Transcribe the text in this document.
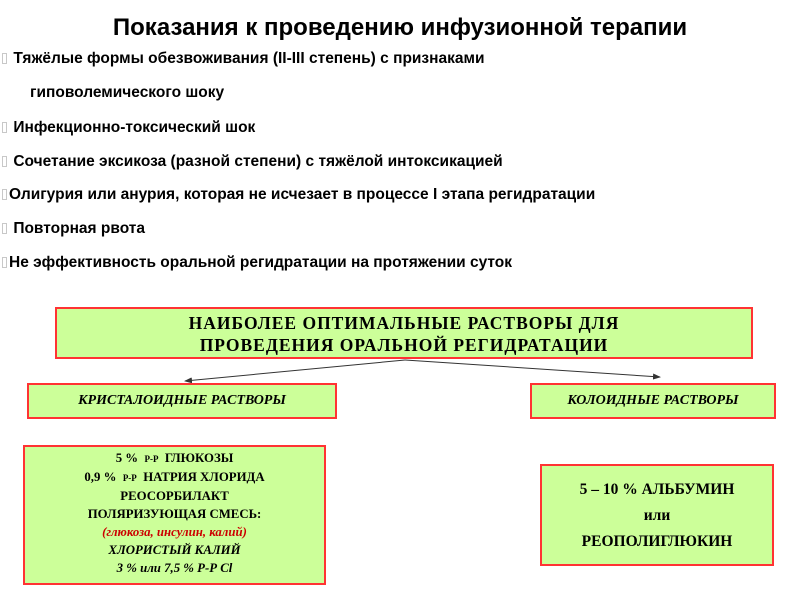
Показания к проведению инфузионной терапии
Тяжёлые формы обезвоживания (II-III степень) с признаками
гиповолемического шоку
Инфекционно-токсический шок
Сочетание эксикоза (разной степени) с тяжёлой интоксикацией
Олигурия или анурия, которая не исчезает в процессе I этапа регидратации
Повторная рвота
Не эффективность оральной регидратации на протяжении суток
НАИБОЛЕЕ ОПТИМАЛЬНЫЕ РАСТВОРЫ ДЛЯ
ПРОВЕДЕНИЯ ОРАЛЬНОЙ РЕГИДРАТАЦИИ
КРИСТАЛОИДНЫЕ РАСТВОРЫ	КОЛОИДНЫЕ РАСТВОРЫ
5 % Р-Р ГЛЮКОЗЫ
0,9 % Р-Р НАТРИЯ ХЛОРИДА
РЕОСОРБИЛАКТ
ПОЛЯРИЗУЮЩАЯ СМЕСЬ:
(глюкоза, инсулин, калий)
ХЛОРИСТЫЙ КАЛИЙ
3 % или 7,5 % Р-Р Cl
5 – 10 % АЛЬБУМИН
или
РЕОПОЛИГЛЮКИН
